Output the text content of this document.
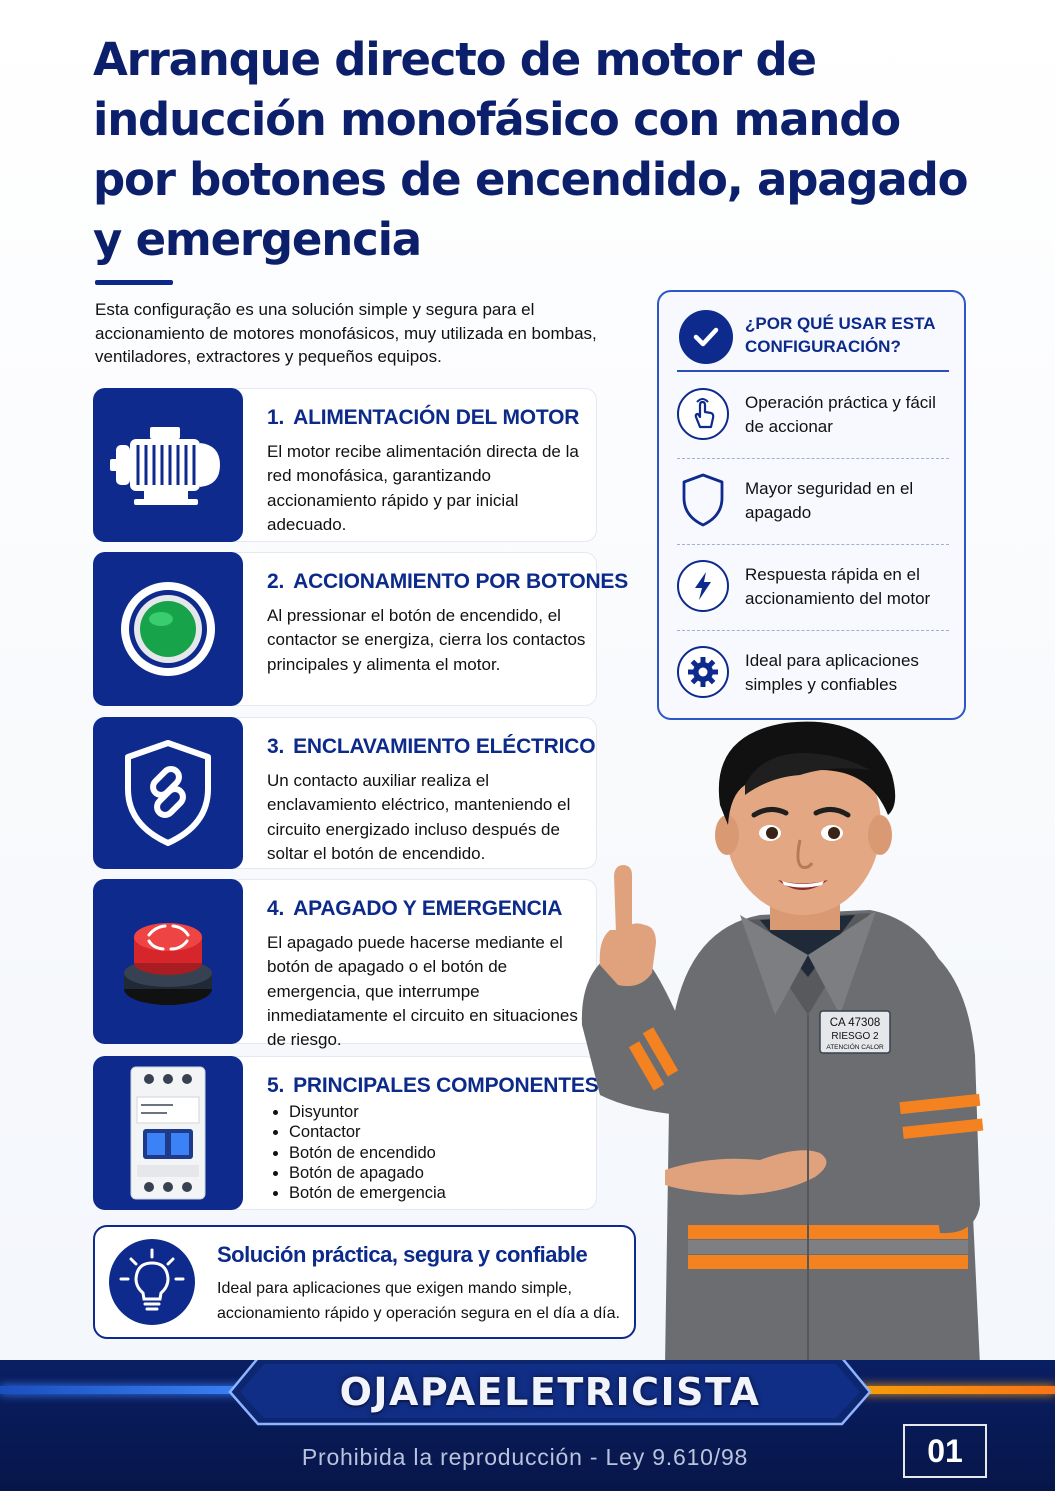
Arranque directo de motor de inducción monofásico con mando por botones de encendido, apagado y emergencia

Esta configuração es una solución simple y segura para el accionamiento de motores monofásicos, muy utilizada en bombas, ventiladores, extractores y pequeños equipos.

1. ALIMENTACIÓN DEL MOTOR

El motor recibe alimentación directa de la red monofásica, garantizando accionamiento rápido y par inicial adecuado.

2. ACCIONAMIENTO POR BOTONES

Al pressionar el botón de encendido, el contactor se energiza, cierra los contactos principales y alimenta el motor.

3. ENCLAVAMIENTO ELÉCTRICO

Un contacto auxiliar realiza el enclavamiento eléctrico, manteniendo el circuito energizado incluso después de soltar el botón de encendido.

4. APAGADO Y EMERGENCIA

El apagado puede hacerse mediante el botón de apagado o el botón de emergencia, que interrumpe inmediatamente el circuito en situaciones de riesgo.

5. PRINCIPALES COMPONENTES
• Disyuntor
• Contactor
• Botón de encendido
• Botón de apagado
• Botón de emergencia
¿POR QUÉ USAR ESTA CONFIGURACIÓN?

Operación práctica y fácil de accionar

Mayor seguridad en el apagado

Respuesta rápida en el accionamiento del motor

Ideal para aplicaciones simples y confiables

CA 47308
RIESGO 2
ATENCIÓN CALOR
Solución práctica, segura y confiable

Ideal para aplicaciones que exigen mando simple, accionamiento rápido y operación segura en el día a día.

OJAPAELETRICISTA

Prohibida la reproducción - Ley 9.610/98	01
